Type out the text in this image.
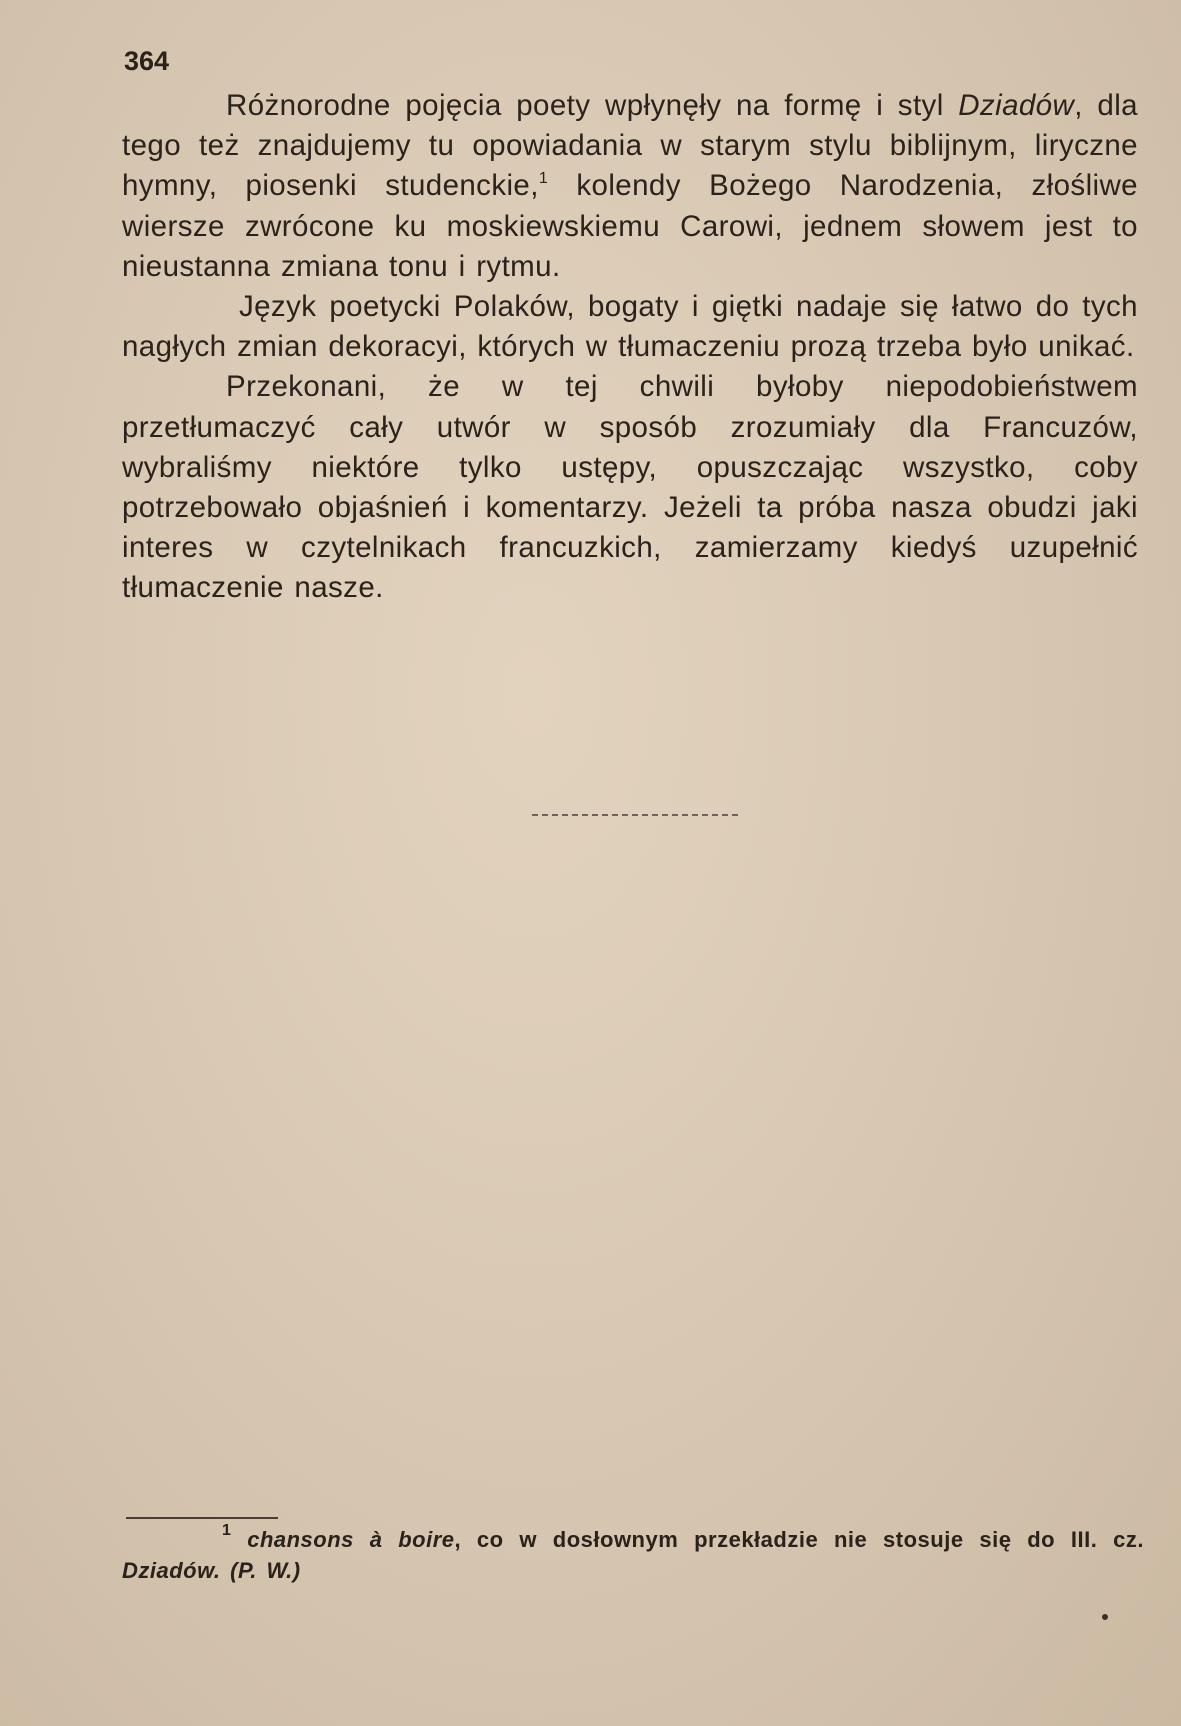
364

Różnorodne pojęcia poety wpłynęły na formę i styl Dziadów, dla tego też znajdujemy tu opowiadania w starym stylu biblijnym, liryczne hymny, piosenki studenckie,$^1$ kolendy Bożego Narodzenia, złośliwe wiersze zwrócone ku moskiewskiemu Carowi, jednem słowem jest to nieustanna zmiana tonu i rytmu.
Język poetycki Polaków, bogaty i giętki nadaje się łatwo do tych nagłych zmian dekoracyi, których w tłumaczeniu prozą trzeba było unikać.

Przekonani, że w tej chwili byłoby niepodobieństwem przetłumaczyć cały utwór w sposób zrozumiały dla Francuzów, wybraliśmy niektóre tylko ustępy, opuszczając wszystko, coby potrzebowało objaśnień i komentarzy. Jeżeli ta próba nasza obudzi jaki interes w czytelnikach francuzkich, zamierzamy kiedyś uzupełnić tłumaczenie nasze.

$^1$ chansons à boire, co w dosłownym przekładzie nie stosuje się do III. cz. Dziadów. (P. W.)
